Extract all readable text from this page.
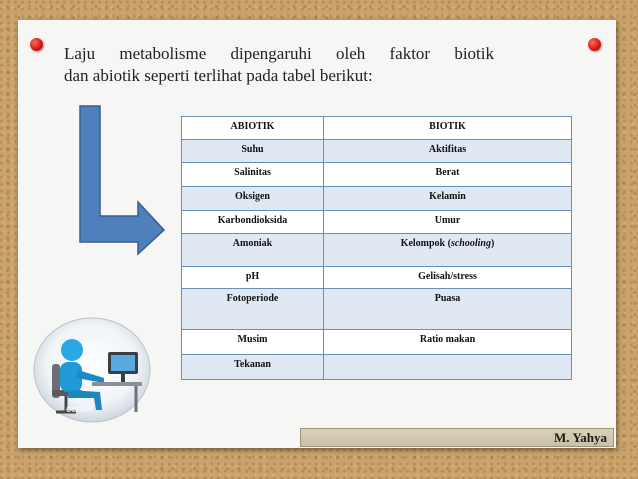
Laju metabolisme dipengaruhi oleh faktor biotik
dan abiotik seperti terlihat pada tabel berikut:

ABIOTIK	BIOTIK
Suhu	Aktifitas
Salinitas	Berat
Oksigen	Kelamin
Karbondioksida	Umur
Amoniak	Kelompok (schooling)
pH	Gelisah/stress
Fotoperiode	Puasa
Musim	Ratio makan
Tekanan	
center
M. Yahya
